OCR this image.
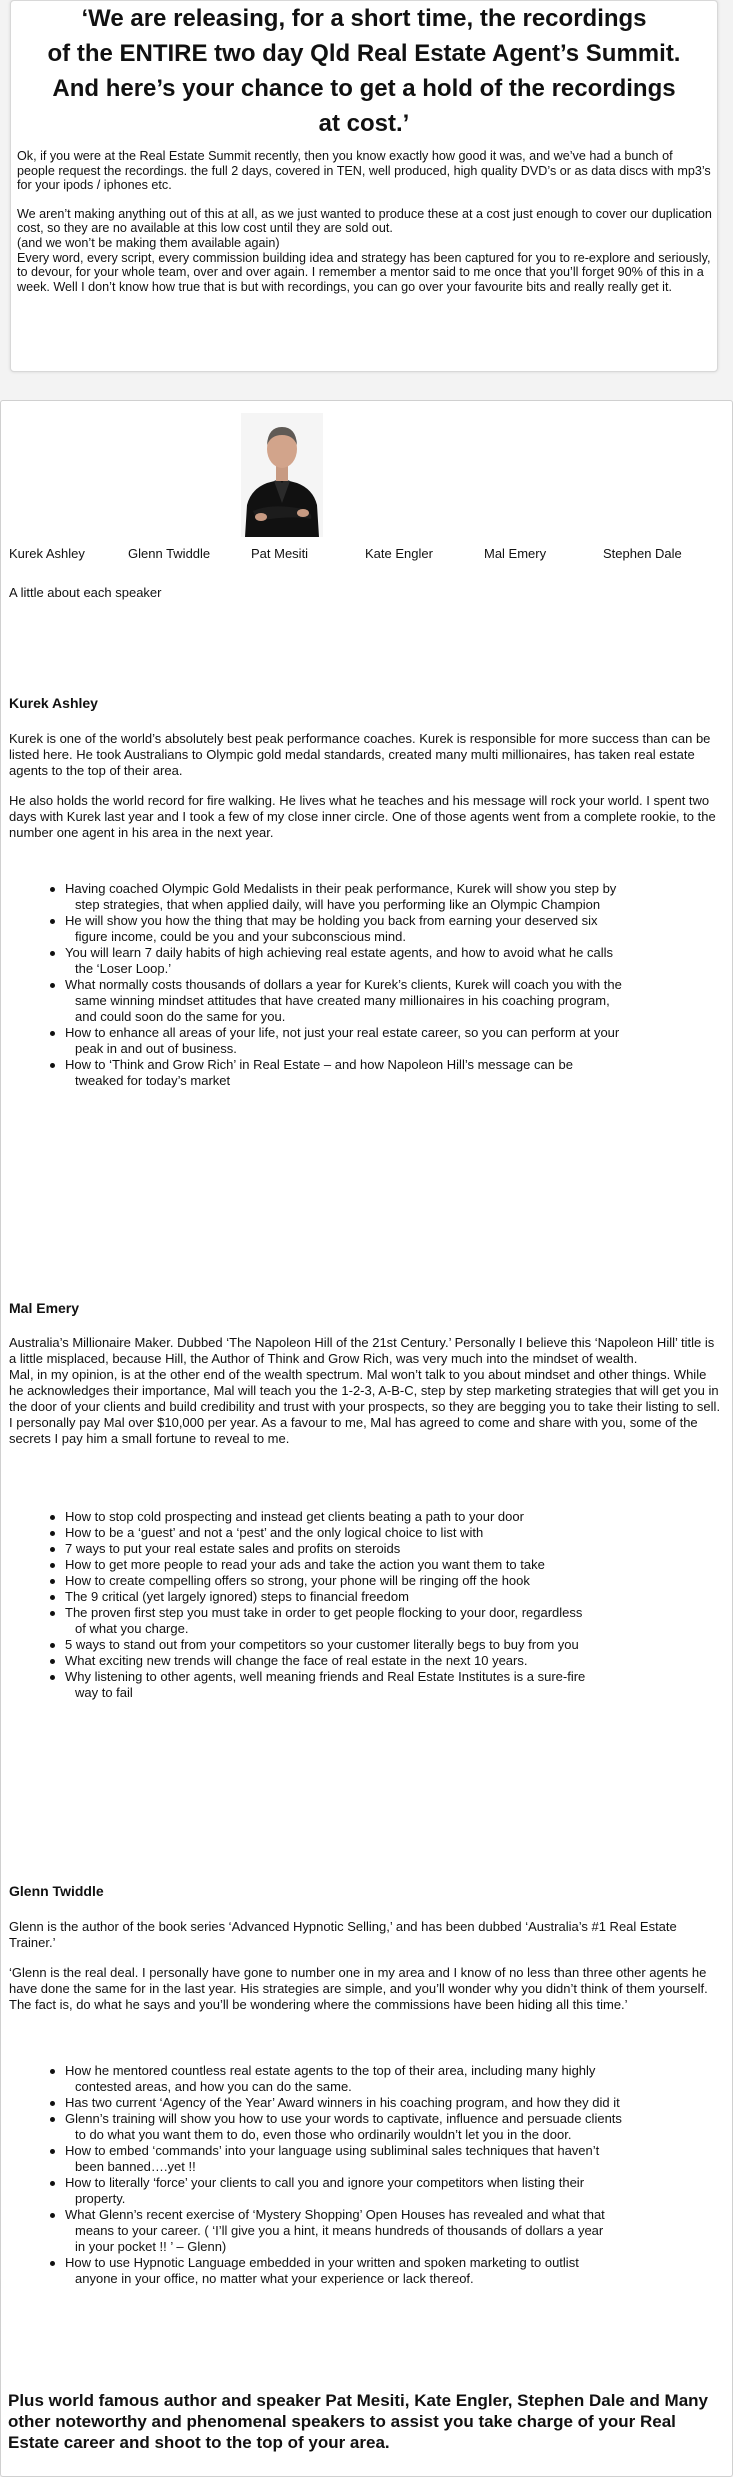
‘We are releasing, for a short time, the recordings
of the ENTIRE two day Qld Real Estate Agent’s Summit.
And here’s your chance to get a hold of the recordings
at cost.’

Ok, if you were at the Real Estate Summit recently, then you know exactly how good it was, and we’ve had a bunch of people request the recordings. the full 2 days, covered in TEN, well produced, high quality DVD’s or as data discs with mp3’s for your ipods / iphones etc.

We aren’t making anything out of this at all, as we just wanted to produce these at a cost just enough to cover our duplication cost, so they are no available at this low cost until they are sold out.

(and we won’t be making them available again)

Every word, every script, every commission building idea and strategy has been captured for you to re-explore and seriously, to devour, for your whole team, over and over again. I remember a mentor said to me once that you’ll forget 90% of this in a week. Well I don’t know how true that is but with recordings, you can go over your favourite bits and really really get it.

Kurek Ashley	Glenn Twiddle	Pat Mesiti	Kate Engler	Mal Emery	Stephen Dale
A little about each speaker
Kurek Ashley

Kurek is one of the world’s absolutely best peak performance coaches. Kurek is responsible for more success than can be listed here. He took Australians to Olympic gold medal standards, created many multi millionaires, has taken real estate agents to the top of their area.

He also holds the world record for fire walking. He lives what he teaches and his message will rock your world. I spent two days with Kurek last year and I took a few of my close inner circle. One of those agents went from a complete rookie, to the number one agent in his area in the next year.

Having coached Olympic Gold Medalists in their peak performance, Kurek will show you step by
step strategies, that when applied daily, will have you performing like an Olympic Champion
He will show you how the thing that may be holding you back from earning your deserved six
figure income, could be you and your subconscious mind.
You will learn 7 daily habits of high achieving real estate agents, and how to avoid what he calls
the ‘Loser Loop.’
What normally costs thousands of dollars a year for Kurek’s clients, Kurek will coach you with the
same winning mindset attitudes that have created many millionaires in his coaching program,
and could soon do the same for you.
How to enhance all areas of your life, not just your real estate career, so you can perform at your
peak in and out of business.
How to ‘Think and Grow Rich’ in Real Estate – and how Napoleon Hill’s message can be
tweaked for today’s market
Mal Emery

Australia’s Millionaire Maker. Dubbed ‘The Napoleon Hill of the 21st Century.’ Personally I believe this ‘Napoleon Hill’ title is a little misplaced, because Hill, the Author of Think and Grow Rich, was very much into the mindset of wealth.

Mal, in my opinion, is at the other end of the wealth spectrum. Mal won’t talk to you about mindset and other things. While he acknowledges their importance, Mal will teach you the 1-2-3, A-B-C, step by step marketing strategies that will get you in the door of your clients and build credibility and trust with your prospects, so they are begging you to take their listing to sell.

I personally pay Mal over $10,000 per year. As a favour to me, Mal has agreed to come and share with you, some of the secrets I pay him a small fortune to reveal to me.

How to stop cold prospecting and instead get clients beating a path to your door
How to be a ‘guest’ and not a ‘pest’ and the only logical choice to list with
7 ways to put your real estate sales and profits on steroids
How to get more people to read your ads and take the action you want them to take
How to create compelling offers so strong, your phone will be ringing off the hook
The 9 critical (yet largely ignored) steps to financial freedom
The proven first step you must take in order to get people flocking to your door, regardless
of what you charge.
5 ways to stand out from your competitors so your customer literally begs to buy from you
What exciting new trends will change the face of real estate in the next 10 years.
Why listening to other agents, well meaning friends and Real Estate Institutes is a sure-fire
way to fail
Glenn Twiddle

Glenn is the author of the book series ‘Advanced Hypnotic Selling,’ and has been dubbed ‘Australia’s #1 Real Estate Trainer.’

‘Glenn is the real deal. I personally have gone to number one in my area and I know of no less than three other agents he have done the same for in the last year. His strategies are simple, and you’ll wonder why you didn’t think of them yourself. The fact is, do what he says and you’ll be wondering where the commissions have been hiding all this time.’

How he mentored countless real estate agents to the top of their area, including many highly
contested areas, and how you can do the same.
Has two current ‘Agency of the Year’ Award winners in his coaching program, and how they did it
Glenn’s training will show you how to use your words to captivate, influence and persuade clients
to do what you want them to do, even those who ordinarily wouldn’t let you in the door.
How to embed ‘commands’ into your language using subliminal sales techniques that haven’t
been banned….yet !!
How to literally ‘force’ your clients to call you and ignore your competitors when listing their
property.
What Glenn’s recent exercise of ‘Mystery Shopping’ Open Houses has revealed and what that
means to your career. ( ‘I’ll give you a hint, it means hundreds of thousands of dollars a year
in your pocket !! ’ – Glenn)
How to use Hypnotic Language embedded in your written and spoken marketing to outlist
anyone in your office, no matter what your experience or lack thereof.

Plus world famous author and speaker Pat Mesiti, Kate Engler, Stephen Dale and Many other noteworthy and phenomenal speakers to assist you take charge of your Real Estate career and shoot to the top of your area.
